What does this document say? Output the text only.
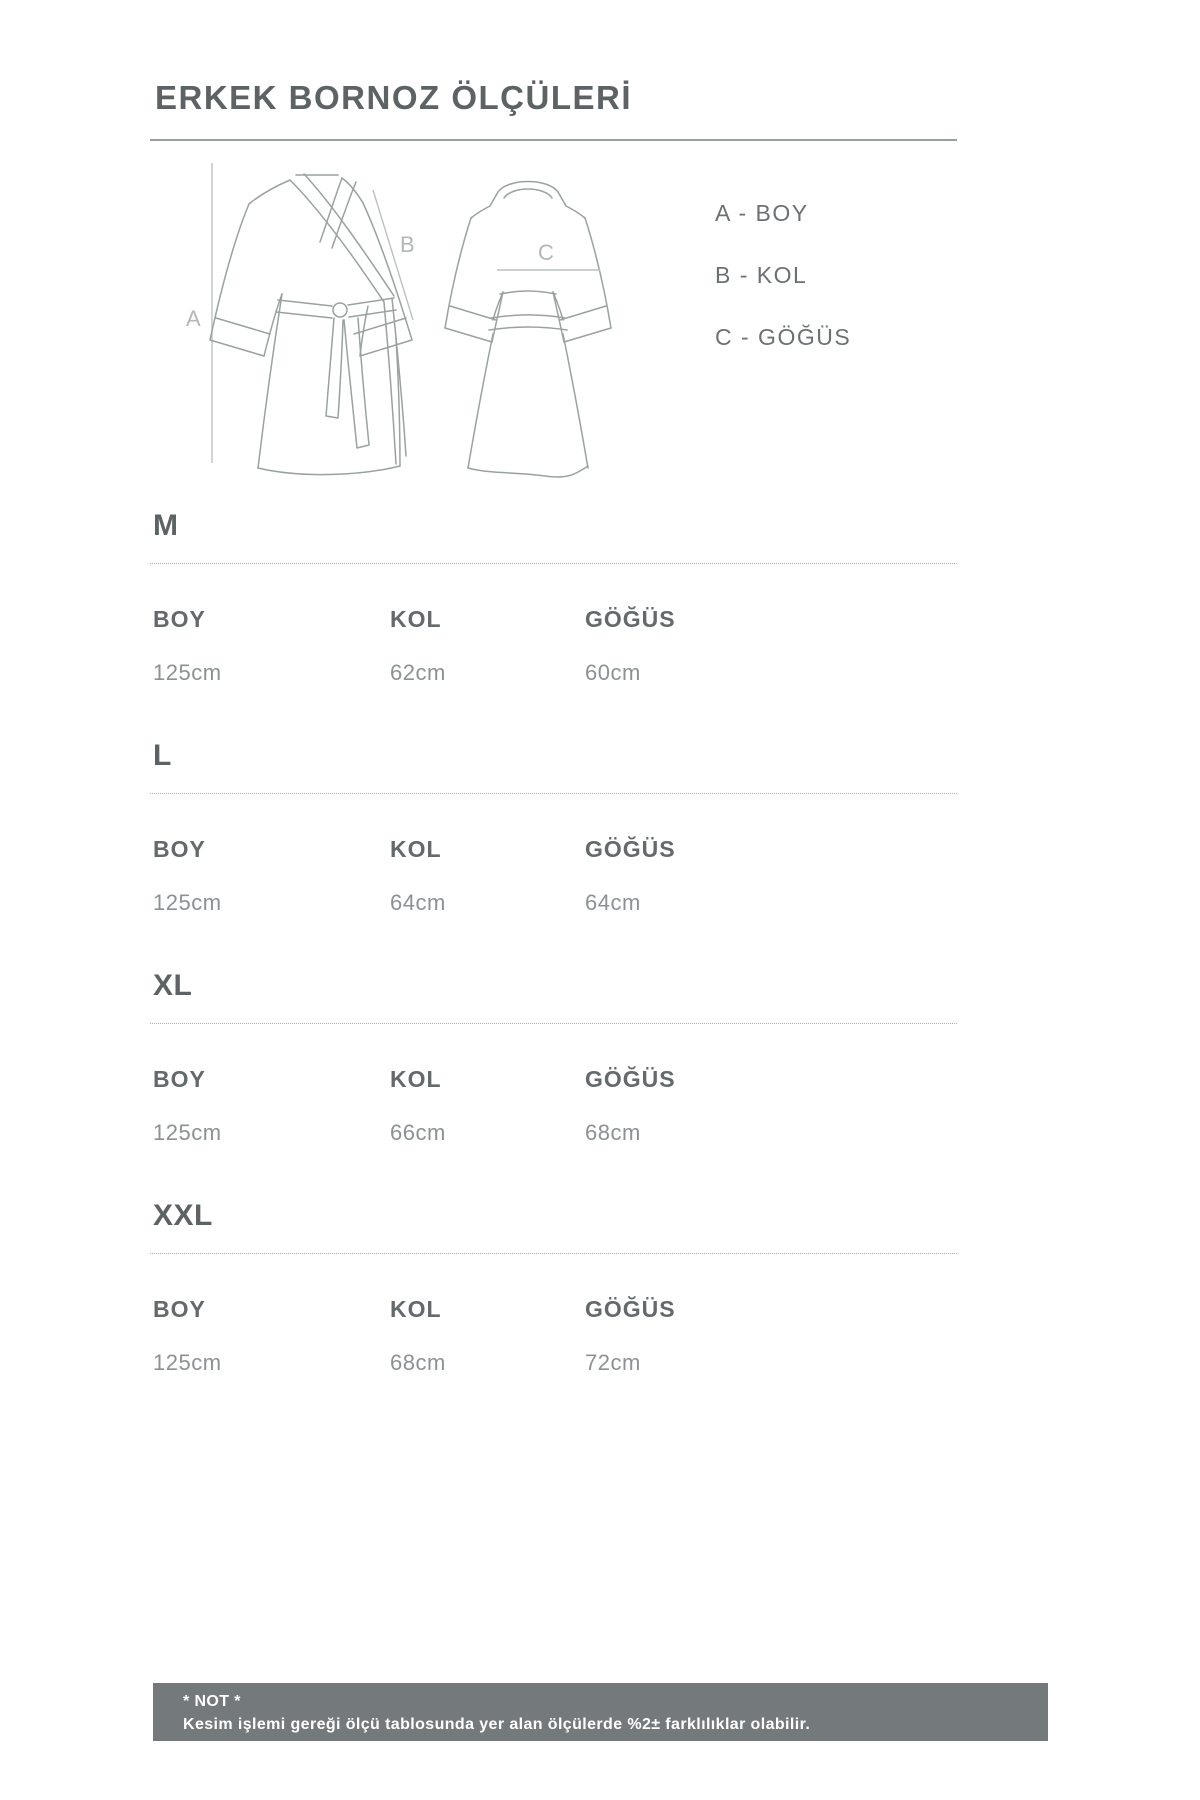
ERKEK BORNOZ ÖLÇÜLERİ
A
B	C
A - BOY
B - KOL
C - GÖĞÜS
M
BOY
125cm
KOL
62cm
GÖĞÜS
60cm
L
BOY
125cm
KOL
64cm
GÖĞÜS
64cm
XL
BOY
125cm
KOL
66cm
GÖĞÜS
68cm
XXL
BOY
125cm
KOL
68cm
GÖĞÜS
72cm
* NOT *
Kesim işlemi gereği ölçü tablosunda yer alan ölçülerde %2± farklılıklar olabilir.
